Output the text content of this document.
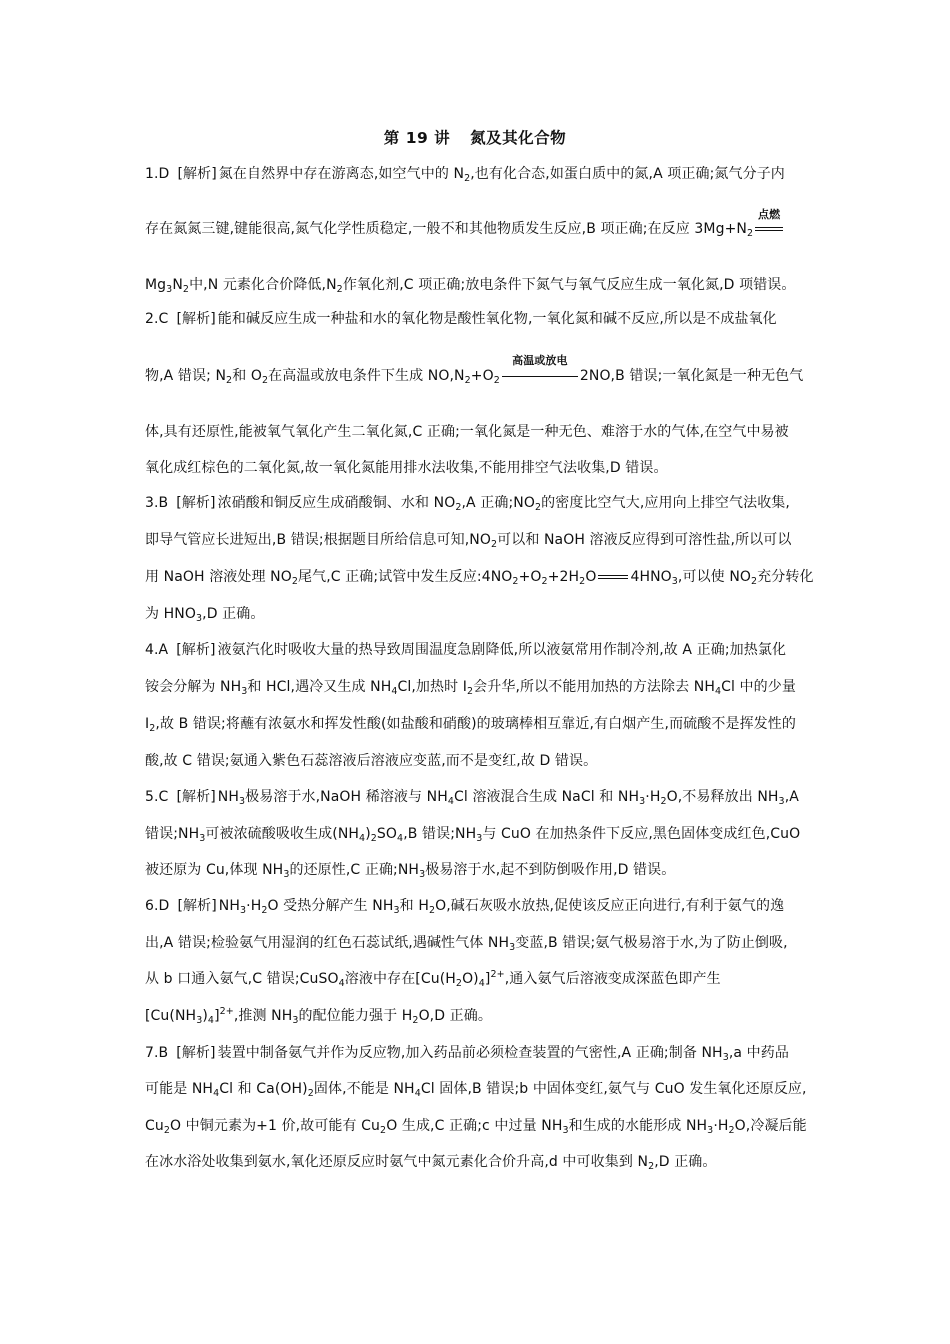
第 19 讲 氮及其化合物
1.D [解析] 氮在自然界中存在游离态,如空气中的 $N_2$,也有化合态,如蛋白质中的氮,A 项正确;氮气分子内
存在氮氮三键,键能很高,氮气化学性质稳定,一般不和其他物质发生反应,B 项正确;在反应 $3Mg+N_2$
点燃
$Mg_3N_2$中,N 元素化合价降低$,N_2$作氧化剂,C 项正确;放电条件下氮气与氧气反应生成一氧化氮,D 项错误。
2.C [解析] 能和碱反应生成一种盐和水的氧化物是酸性氧化物,一氧化氮和碱不反应,所以是不成盐氧化
物,A 错误; $N_2$和 $O_2$在高温或放电条件下生成 $NO,N_2+O_2$
高温或放电
2NO,B 错误;一氧化氮是一种无色气
体,具有还原性,能被氧气氧化产生二氧化氮,C 正确;一氧化氮是一种无色、难溶于水的气体,在空气中易被
氧化成红棕色的二氧化氮,故一氧化氮能用排水法收集,不能用排空气法收集,D 错误。
3.B [解析] 浓硝酸和铜反应生成硝酸铜、水和 $NO_2,A$ 正确$;NO_2$的密度比空气大,应用向上排空气法收集,
即导气管应长进短出,B 错误;根据题目所给信息可知$,NO_2$可以和 NaOH 溶液反应得到可溶性盐,所以可以
用 NaOH 溶液处理 $NO_2$尾气,C 正确;试管中发生反应$:4NO_2+O_2+2H_2O$ $4HNO_3$,可以使 $NO_2$充分转化
为 $HNO_3,D$ 正确。
4.A [解析] 液氨汽化时吸收大量的热导致周围温度急剧降低,所以液氨常用作制冷剂,故 A 正确;加热氯化
铵会分解为 $NH_3$和 HCl,遇冷又生成 $NH_4Cl$,加热时 $I_2$会升华,所以不能用加热的方法除去 $NH_4Cl$ 中的少量
$I_2$,故 B 错误;将蘸有浓氨水和挥发性酸(如盐酸和硝酸)的玻璃棒相互靠近,有白烟产生,而硫酸不是挥发性的
酸,故 C 错误;氨通入紫色石蕊溶液后溶液应变蓝,而不是变红,故 D 错误。
5.C [解析] $NH_3$极易溶于水,NaOH 稀溶液与 $NH_4Cl$ 溶液混合生成 NaCl 和 $NH_3\cdot H_2O$,不易释放出 $NH_3,A$
错误$;NH_3$可被浓硫酸吸收生成$(NH_4)_2SO_4,B$ 错误$;NH_3$与 CuO 在加热条件下反应,黑色固体变成红色,CuO
被还原为 Cu,体现 $NH_3$的还原性,C 正确$;NH_3$极易溶于水,起不到防倒吸作用,D 错误。
6.D [解析] $NH_3\cdot H_2O$ 受热分解产生 $NH_3$和 $H_2O$,碱石灰吸水放热,促使该反应正向进行,有利于氨气的逸
出,A 错误;检验氨气用湿润的红色石蕊试纸,遇碱性气体 $NH_3$变蓝,B 错误;氨气极易溶于水,为了防止倒吸,
从 b 口通入氨气,C 错误;CuSO$_4$溶液中存在$[Cu(H_2O)_4]^{2+}$,通入氨气后溶液变成深蓝色即产生
$[Cu(NH_3)_4]^{2+}$,推测 $NH_3$的配位能力强于 $H_2O,D$ 正确。
7.B [解析] 装置中制备氨气并作为反应物,加入药品前必须检查装置的气密性,A 正确;制备 $NH_3,a$ 中药品
可能是 $NH_4Cl$ 和 $Ca(OH)_2$固体,不能是 $NH_4Cl$ 固体,B 错误;b 中固体变红,氨气与 CuO 发生氧化还原反应,
$Cu_2O$ 中铜元素为+1 价,故可能有 $Cu_2O$ 生成,C 正确;c 中过量 $NH_3$和生成的水能形成 $NH_3\cdot H_2O$,冷凝后能
在冰水浴处收集到氨水,氧化还原反应时氨气中氮元素化合价升高,d 中可收集到 $N_2,D$ 正确。
